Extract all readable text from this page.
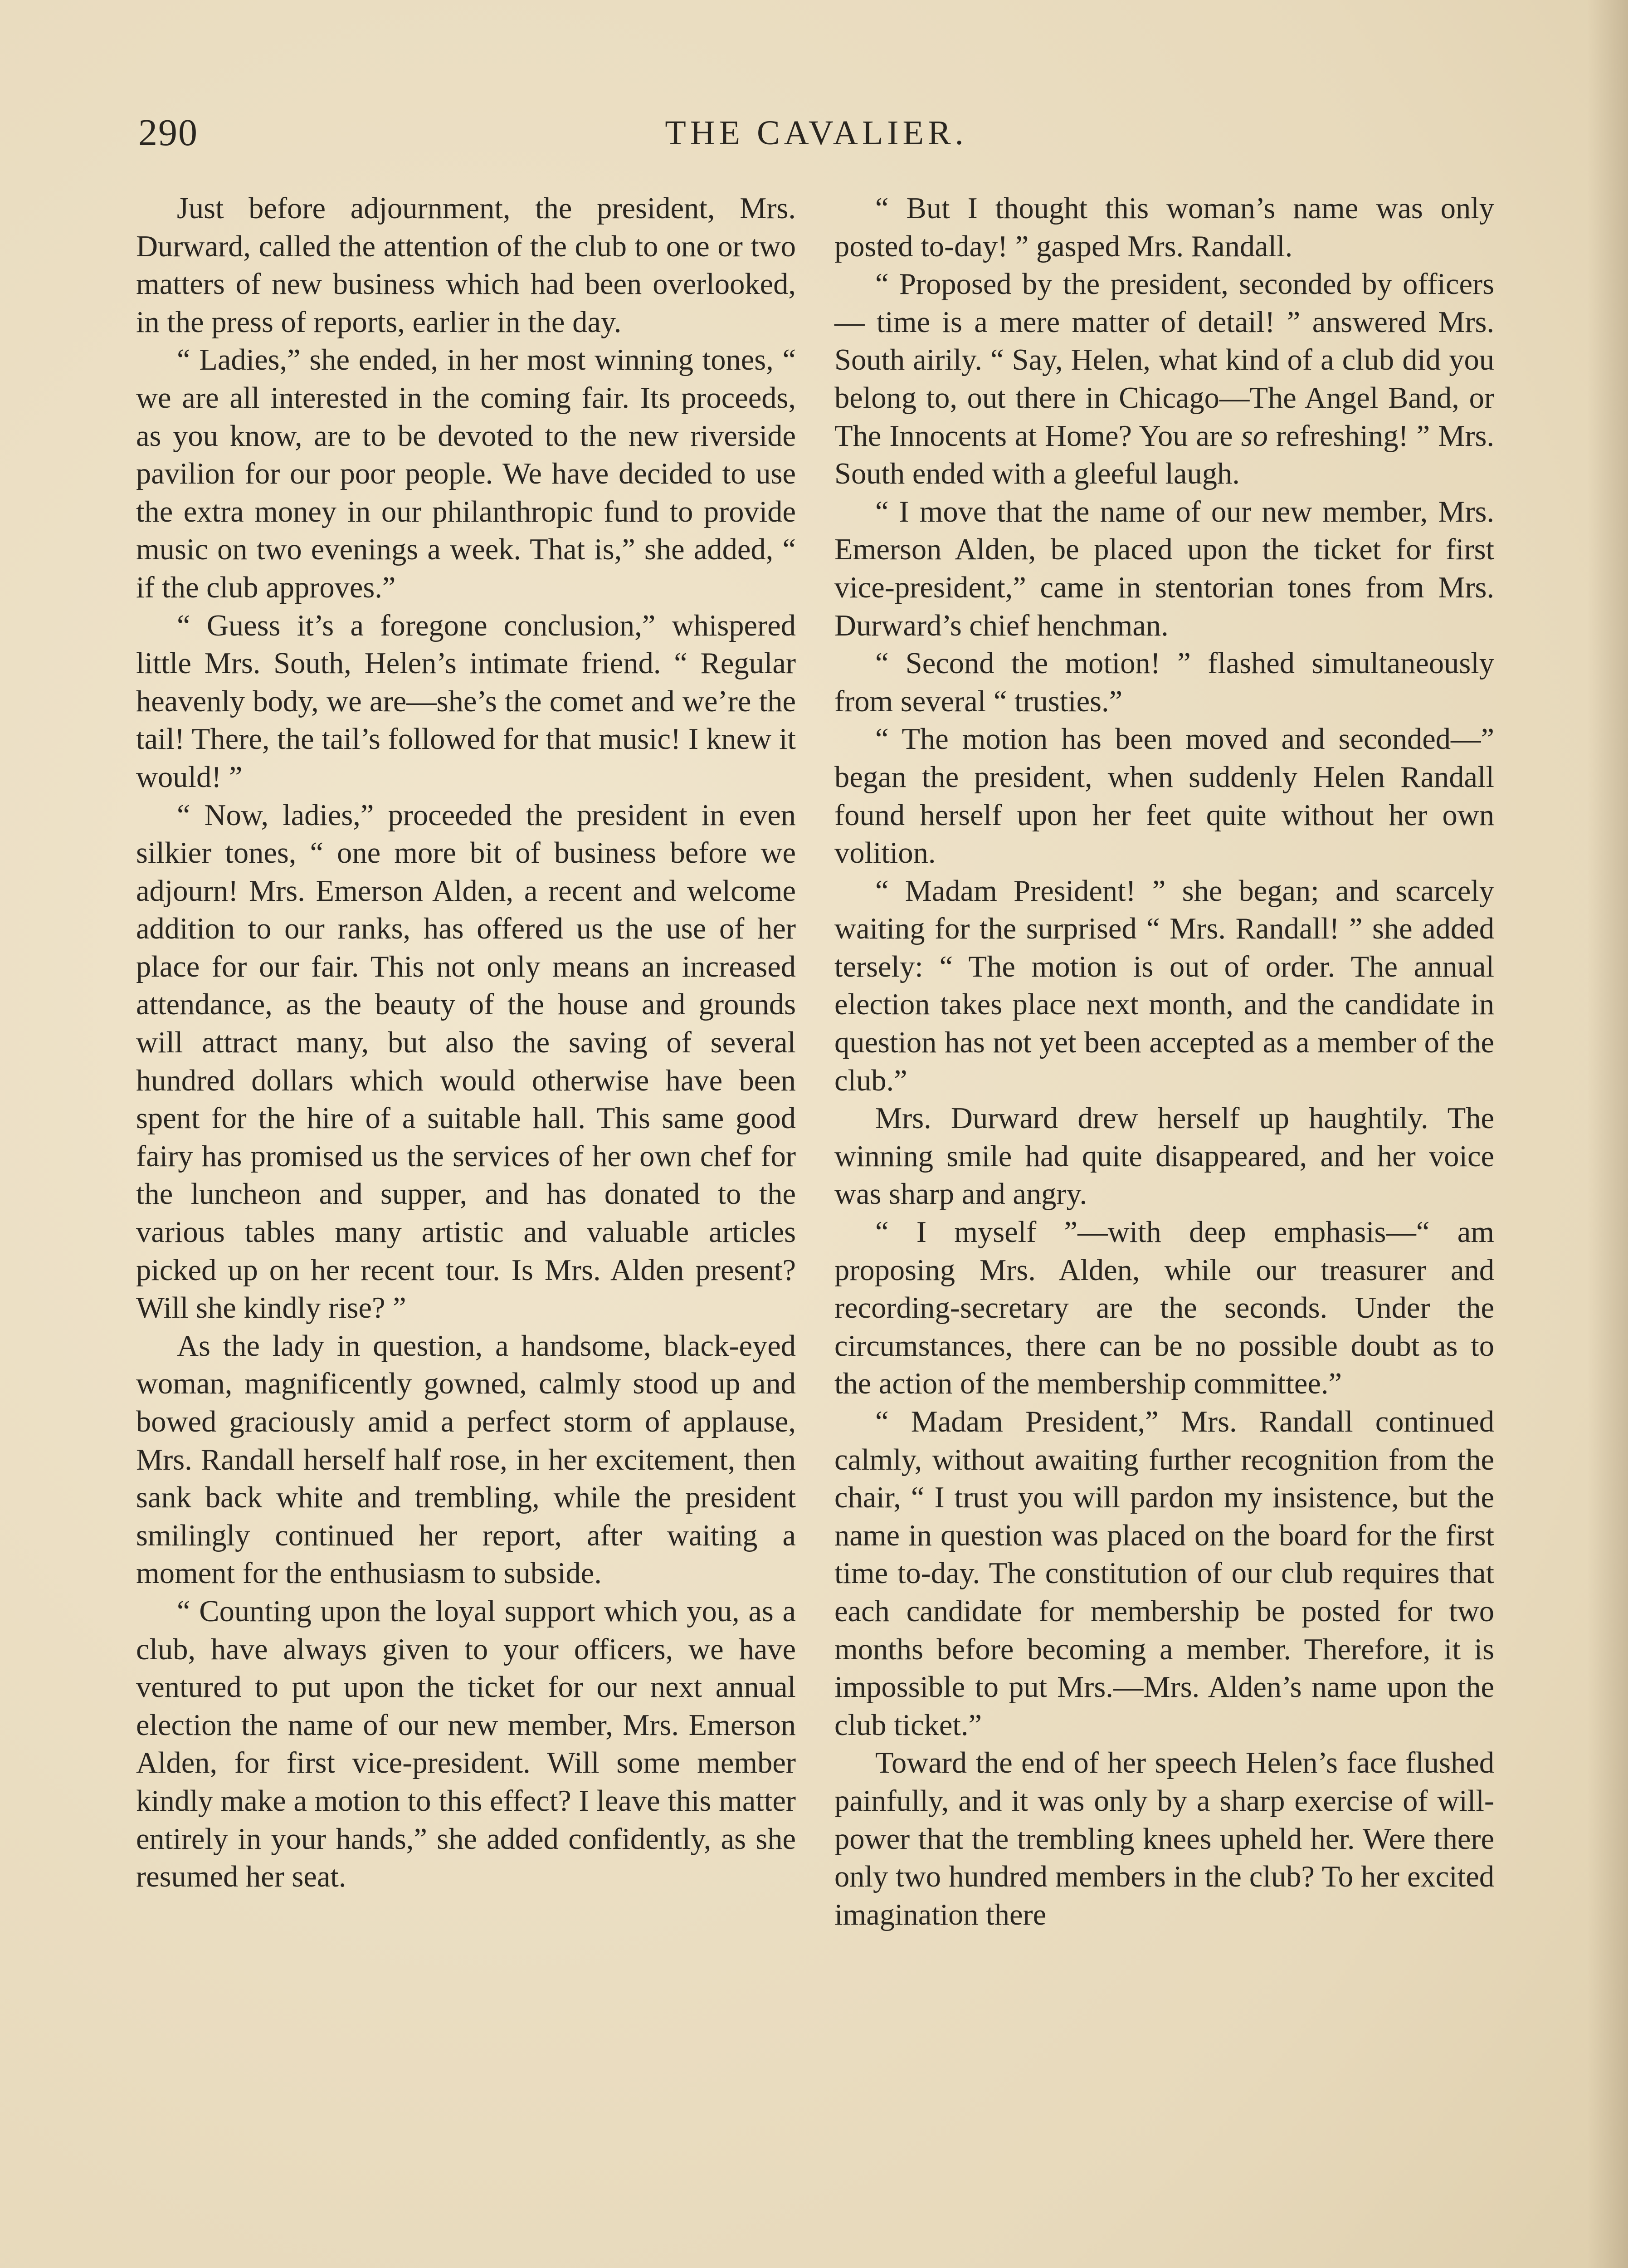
290	THE CAVALIER.

Just before adjournment, the president, Mrs. Durward, called the attention of the club to one or two matters of new business which had been overlooked, in the press of reports, earlier in the day.

“ Ladies,” she ended, in her most winning tones, “ we are all interested in the coming fair. Its proceeds, as you know, are to be devoted to the new riverside pavilion for our poor people. We have decided to use the extra money in our philanthropic fund to provide music on two evenings a week. That is,” she added, “ if the club approves.”

“ Guess it’s a foregone conclusion,” whispered little Mrs. South, Helen’s intimate friend. “ Regular heavenly body, we are—she’s the comet and we’re the tail! There, the tail’s followed for that music! I knew it would! ”

“ Now, ladies,” proceeded the president in even silkier tones, “ one more bit of business before we adjourn! Mrs. Emerson Alden, a recent and welcome addition to our ranks, has offered us the use of her place for our fair. This not only means an increased attendance, as the beauty of the house and grounds will attract many, but also the saving of several hundred dollars which would otherwise have been spent for the hire of a suitable hall. This same good fairy has promised us the services of her own chef for the luncheon and supper, and has donated to the various tables many artistic and valuable articles picked up on her recent tour. Is Mrs. Alden present? Will she kindly rise? ”

As the lady in question, a handsome, black-eyed woman, magnificently gowned, calmly stood up and bowed graciously amid a perfect storm of applause, Mrs. Randall herself half rose, in her excitement, then sank back white and trembling, while the president smilingly continued her report, after waiting a moment for the enthusiasm to subside.

“ Counting upon the loyal support which you, as a club, have always given to your officers, we have ventured to put upon the ticket for our next annual election the name of our new member, Mrs. Emerson Alden, for first vice-president. Will some member kindly make a motion to this effect? I leave this matter entirely in your hands,” she added confidently, as she resumed her seat.

“ But I thought this woman’s name was only posted to-day! ” gasped Mrs. Randall.

“ Proposed by the president, seconded by officers — time is a mere matter of detail! ” answered Mrs. South airily. “ Say, Helen, what kind of a club did you belong to, out there in Chicago—The Angel Band, or The Innocents at Home? You are so refreshing! ” Mrs. South ended with a gleeful laugh.

“ I move that the name of our new member, Mrs. Emerson Alden, be placed upon the ticket for first vice-president,” came in stentorian tones from Mrs. Durward’s chief henchman.

“ Second the motion! ” flashed simultaneously from several “ trusties.”

“ The motion has been moved and seconded—” began the president, when suddenly Helen Randall found herself upon her feet quite without her own volition.

“ Madam President! ” she began; and scarcely waiting for the surprised “ Mrs. Randall! ” she added tersely: “ The motion is out of order. The annual election takes place next month, and the candidate in question has not yet been accepted as a member of the club.”

Mrs. Durward drew herself up haughtily. The winning smile had quite disappeared, and her voice was sharp and angry.

“ I myself ”—with deep emphasis—“ am proposing Mrs. Alden, while our treasurer and recording-secretary are the seconds. Under the circumstances, there can be no possible doubt as to the action of the membership committee.”

“ Madam President,” Mrs. Randall continued calmly, without awaiting further recognition from the chair, “ I trust you will pardon my insistence, but the name in question was placed on the board for the first time to-day. The constitution of our club requires that each candidate for membership be posted for two months before becoming a member. Therefore, it is impossible to put Mrs.—Mrs. Alden’s name upon the club ticket.”

Toward the end of her speech Helen’s face flushed painfully, and it was only by a sharp exercise of will-power that the trembling knees upheld her. Were there only two hundred members in the club? To her excited imagination there
